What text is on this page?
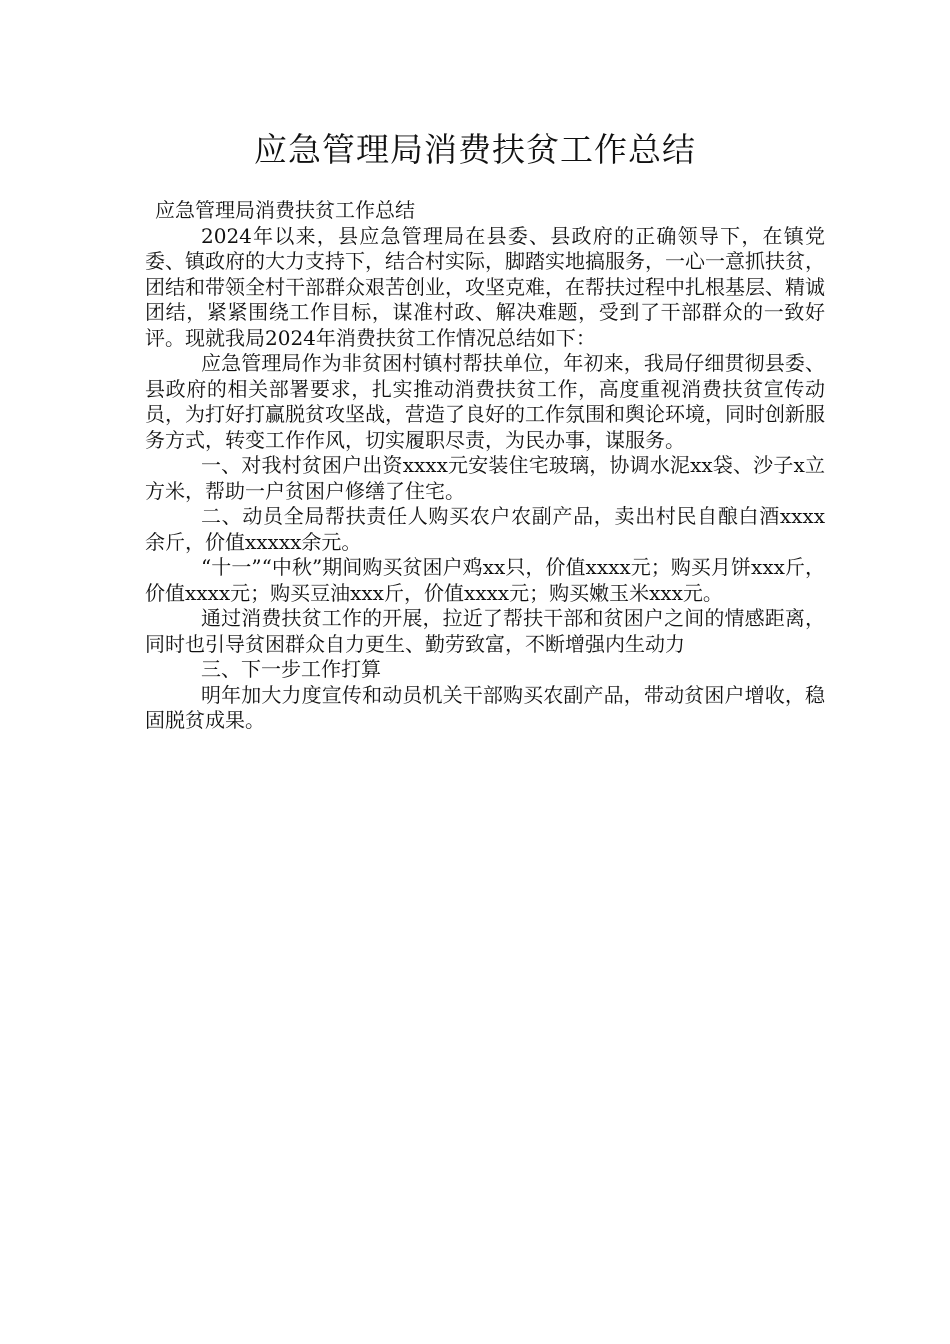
应急管理局消费扶贫工作总结

应急管理局消费扶贫工作总结

2024年以来，县应急管理局在县委、县政府的正确领导下，在镇党委、镇政府的大力支持下，结合村实际，脚踏实地搞服务，一心一意抓扶贫，团结和带领全村干部群众艰苦创业，攻坚克难，在帮扶过程中扎根基层、精诚团结，紧紧围绕工作目标，谋准村政、解决难题，受到了干部群众的一致好评。现就我局2024年消费扶贫工作情况总结如下：

应急管理局作为非贫困村镇村帮扶单位，年初来，我局仔细贯彻县委、县政府的相关部署要求，扎实推动消费扶贫工作，高度重视消费扶贫宣传动员，为打好打赢脱贫攻坚战，营造了良好的工作氛围和舆论环境，同时创新服务方式，转变工作作风，切实履职尽责，为民办事，谋服务。

一、对我村贫困户出资xxxx元安装住宅玻璃，协调水泥xx袋、沙子x立方米，帮助一户贫困户修缮了住宅。

二、动员全局帮扶责任人购买农户农副产品，卖出村民自酿白酒xxxx余斤，价值xxxxx余元。

“十一”“中秋”期间购买贫困户鸡xx只，价值xxxx元；购买月饼xxx斤，价值xxxx元；购买豆油xxx斤，价值xxxx元；购买嫩玉米xxx元。

通过消费扶贫工作的开展，拉近了帮扶干部和贫困户之间的情感距离，同时也引导贫困群众自力更生、勤劳致富，不断增强内生动力

三、下一步工作打算

明年加大力度宣传和动员机关干部购买农副产品，带动贫困户增收，稳固脱贫成果。
